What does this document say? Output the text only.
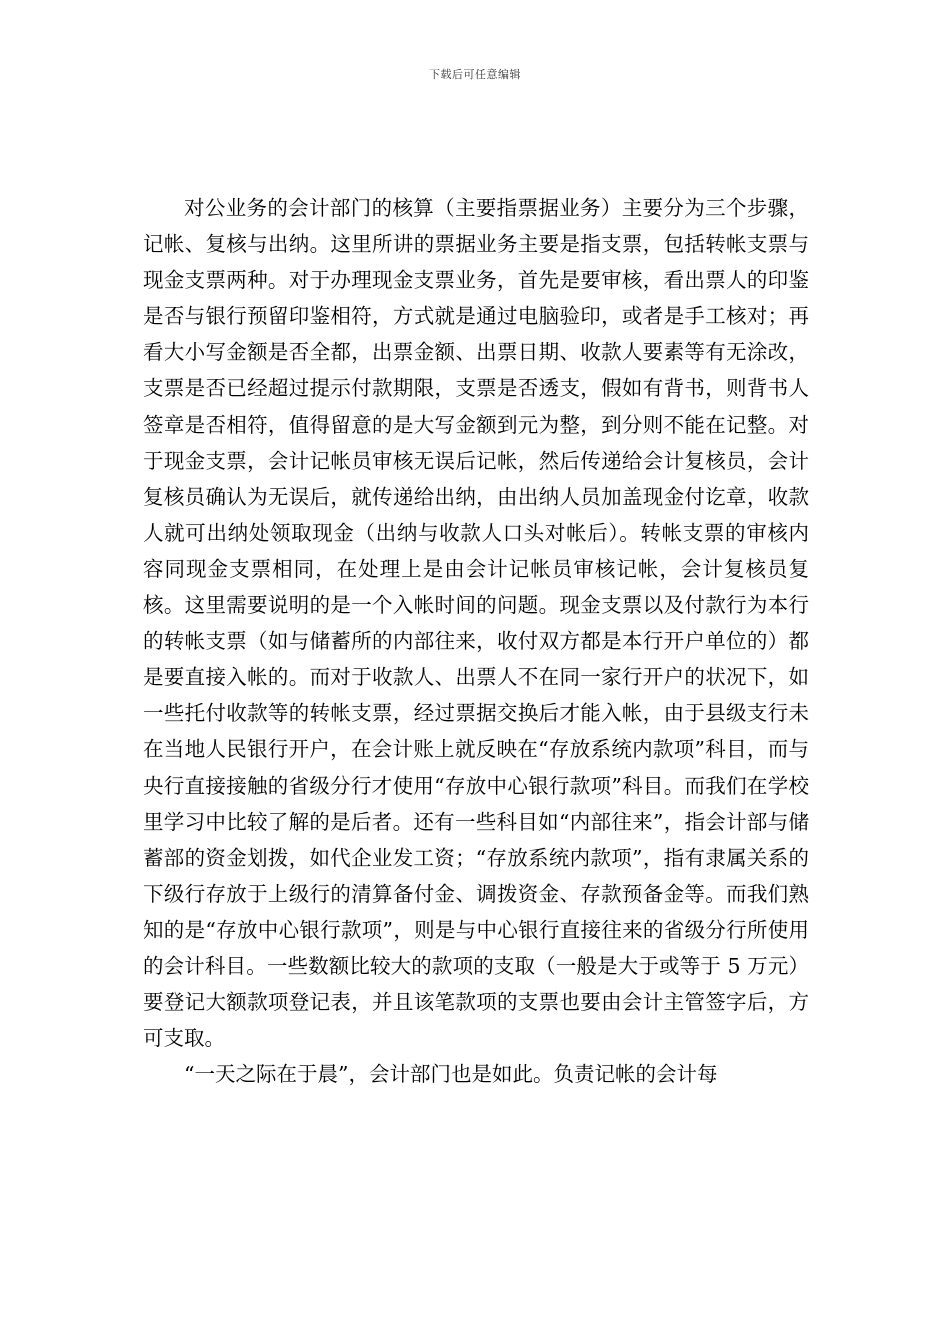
下载后可任意编辑

对公业务的会计部门的核算（主要指票据业务）主要分为三个步骤，记帐、复核与出纳。这里所讲的票据业务主要是指支票，包括转帐支票与现金支票两种。对于办理现金支票业务，首先是要审核，看出票人的印鉴是否与银行预留印鉴相符，方式就是通过电脑验印，或者是手工核对；再看大小写金额是否全都，出票金额、出票日期、收款人要素等有无涂改，支票是否已经超过提示付款期限，支票是否透支，假如有背书，则背书人签章是否相符，值得留意的是大写金额到元为整，到分则不能在记整。对于现金支票，会计记帐员审核无误后记帐，然后传递给会计复核员，会计复核员确认为无误后，就传递给出纳，由出纳人员加盖现金付讫章，收款人就可出纳处领取现金（出纳与收款人口头对帐后）。转帐支票的审核内容同现金支票相同，在处理上是由会计记帐员审核记帐，会计复核员复核。这里需要说明的是一个入帐时间的问题。现金支票以及付款行为本行的转帐支票（如与储蓄所的内部往来，收付双方都是本行开户单位的）都是要直接入帐的。而对于收款人、出票人不在同一家行开户的状况下，如一些托付收款等的转帐支票，经过票据交换后才能入帐，由于县级支行未在当地人民银行开户，在会计账上就反映在“存放系统内款项”科目，而与央行直接接触的省级分行才使用“存放中心银行款项”科目。而我们在学校里学习中比较了解的是后者。还有一些科目如“内部往来”，指会计部与储蓄部的资金划拨，如代企业发工资；“存放系统内款项”，指有隶属关系的下级行存放于上级行的清算备付金、调拨资金、存款预备金等。而我们熟知的是“存放中心银行款项”，则是与中心银行直接往来的省级分行所使用的会计科目。一些数额比较大的款项的支取（一般是大于或等于 5 万元）要登记大额款项登记表，并且该笔款项的支票也要由会计主管签字后，方可支取。

“一天之际在于晨”，会计部门也是如此。负责记帐的会计每
